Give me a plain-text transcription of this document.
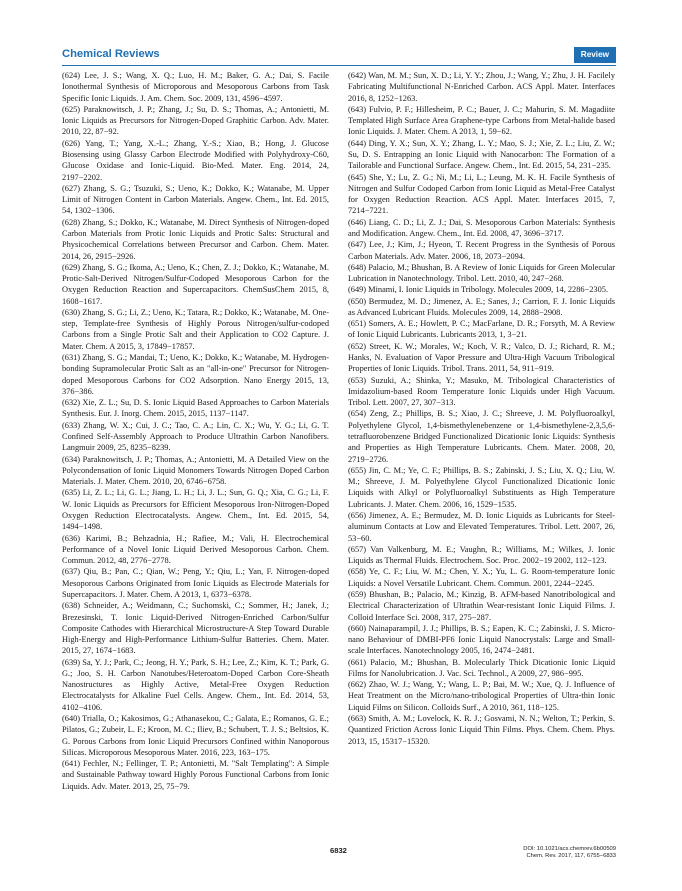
Chemical Reviews	Review
(624) Lee, J. S.; Wang, X. Q.; Luo, H. M.; Baker, G. A.; Dai, S. Facile Ionothermal Synthesis of Microporous and Mesoporous Carbons from Task Specific Ionic Liquids. J. Am. Chem. Soc. 2009, 131, 4596−4597.
(625) Paraknowitsch, J. P.; Zhang, J.; Su, D. S.; Thomas, A.; Antonietti, M. Ionic Liquids as Precursors for Nitrogen-Doped Graphitic Carbon. Adv. Mater. 2010, 22, 87−92.
(626) Yang, T.; Yang, X.-L.; Zhang, Y.-S.; Xiao, B.; Hong, J. Glucose Biosensing using Glassy Carbon Electrode Modified with Polyhydroxy-C60, Glucose Oxidase and Ionic-Liquid. Bio-Med. Mater. Eng. 2014, 24, 2197−2202.
(627) Zhang, S. G.; Tsuzuki, S.; Ueno, K.; Dokko, K.; Watanabe, M. Upper Limit of Nitrogen Content in Carbon Materials. Angew. Chem., Int. Ed. 2015, 54, 1302−1306.
(628) Zhang, S.; Dokko, K.; Watanabe, M. Direct Synthesis of Nitrogen-doped Carbon Materials from Protic Ionic Liquids and Protic Salts: Structural and Physicochemical Correlations between Precursor and Carbon. Chem. Mater. 2014, 26, 2915−2926.
(629) Zhang, S. G.; Ikoma, A.; Ueno, K.; Chen, Z. J.; Dokko, K.; Watanabe, M. Protic-Salt-Derived Nitrogen/Sulfur-Codoped Mesoporous Carbon for the Oxygen Reduction Reaction and Supercapacitors. ChemSusChem 2015, 8, 1608−1617.
(630) Zhang, S. G.; Li, Z.; Ueno, K.; Tatara, R.; Dokko, K.; Watanabe, M. One-step, Template-free Synthesis of Highly Porous Nitrogen/sulfur-codoped Carbons from a Single Protic Salt and their Application to CO2 Capture. J. Mater. Chem. A 2015, 3, 17849−17857.
(631) Zhang, S. G.; Mandai, T.; Ueno, K.; Dokko, K.; Watanabe, M. Hydrogen-bonding Supramolecular Protic Salt as an "all-in-one" Precursor for Nitrogen-doped Mesoporous Carbons for CO2 Adsorption. Nano Energy 2015, 13, 376−386.
(632) Xie, Z. L.; Su, D. S. Ionic Liquid Based Approaches to Carbon Materials Synthesis. Eur. J. Inorg. Chem. 2015, 2015, 1137−1147.
(633) Zhang, W. X.; Cui, J. C.; Tao, C. A.; Lin, C. X.; Wu, Y. G.; Li, G. T. Confined Self-Assembly Approach to Produce Ultrathin Carbon Nanofibers. Langmuir 2009, 25, 8235−8239.
(634) Paraknowitsch, J. P.; Thomas, A.; Antonietti, M. A Detailed View on the Polycondensation of Ionic Liquid Monomers Towards Nitrogen Doped Carbon Materials. J. Mater. Chem. 2010, 20, 6746−6758.
(635) Li, Z. L.; Li, G. L.; Jiang, L. H.; Li, J. L.; Sun, G. Q.; Xia, C. G.; Li, F. W. Ionic Liquids as Precursors for Efficient Mesoporous Iron-Nitrogen-Doped Oxygen Reduction Electrocatalysts. Angew. Chem., Int. Ed. 2015, 54, 1494−1498.
(636) Karimi, B.; Behzadnia, H.; Rafiee, M.; Vali, H. Electrochemical Performance of a Novel Ionic Liquid Derived Mesoporous Carbon. Chem. Commun. 2012, 48, 2776−2778.
(637) Qiu, B.; Pan, C.; Qian, W.; Peng, Y.; Qiu, L.; Yan, F. Nitrogen-doped Mesoporous Carbons Originated from Ionic Liquids as Electrode Materials for Supercapacitors. J. Mater. Chem. A 2013, 1, 6373−6378.
(638) Schneider, A.; Weidmann, C.; Suchomski, C.; Sommer, H.; Janek, J.; Brezesinski, T. Ionic Liquid-Derived Nitrogen-Enriched Carbon/Sulfur Composite Cathodes with Hierarchical Microstructure-A Step Toward Durable High-Energy and High-Performance Lithium-Sulfur Batteries. Chem. Mater. 2015, 27, 1674−1683.
(639) Sa, Y. J.; Park, C.; Jeong, H. Y.; Park, S. H.; Lee, Z.; Kim, K. T.; Park, G. G.; Joo, S. H. Carbon Nanotubes/Heteroatom-Doped Carbon Core-Sheath Nanostructures as Highly Active, Metal-Free Oxygen Reduction Electrocatalysts for Alkaline Fuel Cells. Angew. Chem., Int. Ed. 2014, 53, 4102−4106.
(640) Trialla, O.; Kakosimos, G.; Athanasekou, C.; Galata, E.; Romanos, G. E.; Pilatos, G.; Zubeir, L. F.; Kroon, M. C.; Iliev, B.; Schubert, T. J. S.; Beltsios, K. G. Porous Carbons from Ionic Liquid Precursors Confined within Nanoporous Silicas. Microporous Mesoporous Mater. 2016, 223, 163−175.
(641) Fechler, N.; Fellinger, T. P.; Antonietti, M. "Salt Templating": A Simple and Sustainable Pathway toward Highly Porous Functional Carbons from Ionic Liquids. Adv. Mater. 2013, 25, 75−79.
(642) Wan, M. M.; Sun, X. D.; Li, Y. Y.; Zhou, J.; Wang, Y.; Zhu, J. H. Facilely Fabricating Multifunctional N-Enriched Carbon. ACS Appl. Mater. Interfaces 2016, 8, 1252−1263.
(643) Fulvio, P. F.; Hillesheim, P. C.; Bauer, J. C.; Mahurin, S. M. Magadiite Templated High Surface Area Graphene-type Carbons from Metal-halide based Ionic Liquids. J. Mater. Chem. A 2013, 1, 59−62.
(644) Ding, Y. X.; Sun, X. Y.; Zhang, L. Y.; Mao, S. J.; Xie, Z. L.; Liu, Z. W.; Su, D. S. Entrapping an Ionic Liquid with Nanocarbon: The Formation of a Tailorable and Functional Surface. Angew. Chem., Int. Ed. 2015, 54, 231−235.
(645) She, Y.; Lu, Z. G.; Ni, M.; Li, L.; Leung, M. K. H. Facile Synthesis of Nitrogen and Sulfur Codoped Carbon from Ionic Liquid as Metal-Free Catalyst for Oxygen Reduction Reaction. ACS Appl. Mater. Interfaces 2015, 7, 7214−7221.
(646) Liang, C. D.; Li, Z. J.; Dai, S. Mesoporous Carbon Materials: Synthesis and Modification. Angew. Chem., Int. Ed. 2008, 47, 3696−3717.
(647) Lee, J.; Kim, J.; Hyeon, T. Recent Progress in the Synthesis of Porous Carbon Materials. Adv. Mater. 2006, 18, 2073−2094.
(648) Palacio, M.; Bhushan, B. A Review of Ionic Liquids for Green Molecular Lubrication in Nanotechnology. Tribol. Lett. 2010, 40, 247−268.
(649) Minami, I. Ionic Liquids in Tribology. Molecules 2009, 14, 2286−2305.
(650) Bermudez, M. D.; Jimenez, A. E.; Sanes, J.; Carrion, F. J. Ionic Liquids as Advanced Lubricant Fluids. Molecules 2009, 14, 2888−2908.
(651) Somers, A. E.; Howlett, P. C.; MacFarlane, D. R.; Forsyth, M. A Review of Ionic Liquid Lubricants. Lubricants 2013, 1, 3−21.
(652) Street, K. W.; Morales, W.; Koch, V. R.; Valco, D. J.; Richard, R. M.; Hanks, N. Evaluation of Vapor Pressure and Ultra-High Vacuum Tribological Properties of Ionic Liquids. Tribol. Trans. 2011, 54, 911−919.
(653) Suzuki, A.; Shinka, Y.; Masuko, M. Tribological Characteristics of Imidazolium-based Room Temperature Ionic Liquids under High Vacuum. Tribol. Lett. 2007, 27, 307−313.
(654) Zeng, Z.; Phillips, B. S.; Xiao, J. C.; Shreeve, J. M. Polyfluoroalkyl, Polyethylene Glycol, 1,4-bismethylenebenzene or 1,4-bismethylene-2,3,5,6-tetrafluorobenzene Bridged Functionalized Dicationic Ionic Liquids: Synthesis and Properties as High Temperature Lubricants. Chem. Mater. 2008, 20, 2719−2726.
(655) Jin, C. M.; Ye, C. F.; Phillips, B. S.; Zabinski, J. S.; Liu, X. Q.; Liu, W. M.; Shreeve, J. M. Polyethylene Glycol Functionalized Dicationic Ionic Liquids with Alkyl or Polyfluoroalkyl Substituents as High Temperature Lubricants. J. Mater. Chem. 2006, 16, 1529−1535.
(656) Jimenez, A. E.; Bermudez, M. D. Ionic Liquids as Lubricants for Steel-aluminum Contacts at Low and Elevated Temperatures. Tribol. Lett. 2007, 26, 53−60.
(657) Van Valkenburg, M. E.; Vaughn, R.; Williams, M.; Wilkes, J. Ionic Liquids as Thermal Fluids. Electrochem. Soc. Proc. 2002−19 2002, 112−123.
(658) Ye, C. F.; Liu, W. M.; Chen, Y. X.; Yu, L. G. Room-temperature Ionic Liquids: a Novel Versatile Lubricant. Chem. Commun. 2001, 2244−2245.
(659) Bhushan, B.; Palacio, M.; Kinzig, B. AFM-based Nanotribological and Electrical Characterization of Ultrathin Wear-resistant Ionic Liquid Films. J. Colloid Interface Sci. 2008, 317, 275−287.
(660) Nainaparampil, J. J.; Phillips, B. S.; Eapen, K. C.; Zabinski, J. S. Micro-nano Behaviour of DMBI-PF6 Ionic Liquid Nanocrystals: Large and Small-scale Interfaces. Nanotechnology 2005, 16, 2474−2481.
(661) Palacio, M.; Bhushan, B. Molecularly Thick Dicationic Ionic Liquid Films for Nanolubrication. J. Vac. Sci. Technol., A 2009, 27, 986−995.
(662) Zhao, W. J.; Wang, Y.; Wang, L. P.; Bai, M. W.; Xue, Q. J. Influence of Heat Treatment on the Micro/nano-tribological Properties of Ultra-thin Ionic Liquid Films on Silicon. Colloids Surf., A 2010, 361, 118−125.
(663) Smith, A. M.; Lovelock, K. R. J.; Gosvami, N. N.; Welton, T.; Perkin, S. Quantized Friction Across Ionic Liquid Thin Films. Phys. Chem. Chem. Phys. 2013, 15, 15317−15320.
6832	DOI: 10.1021/acs.chemrev.6b00509
Chem. Rev. 2017, 117, 6755−6833
